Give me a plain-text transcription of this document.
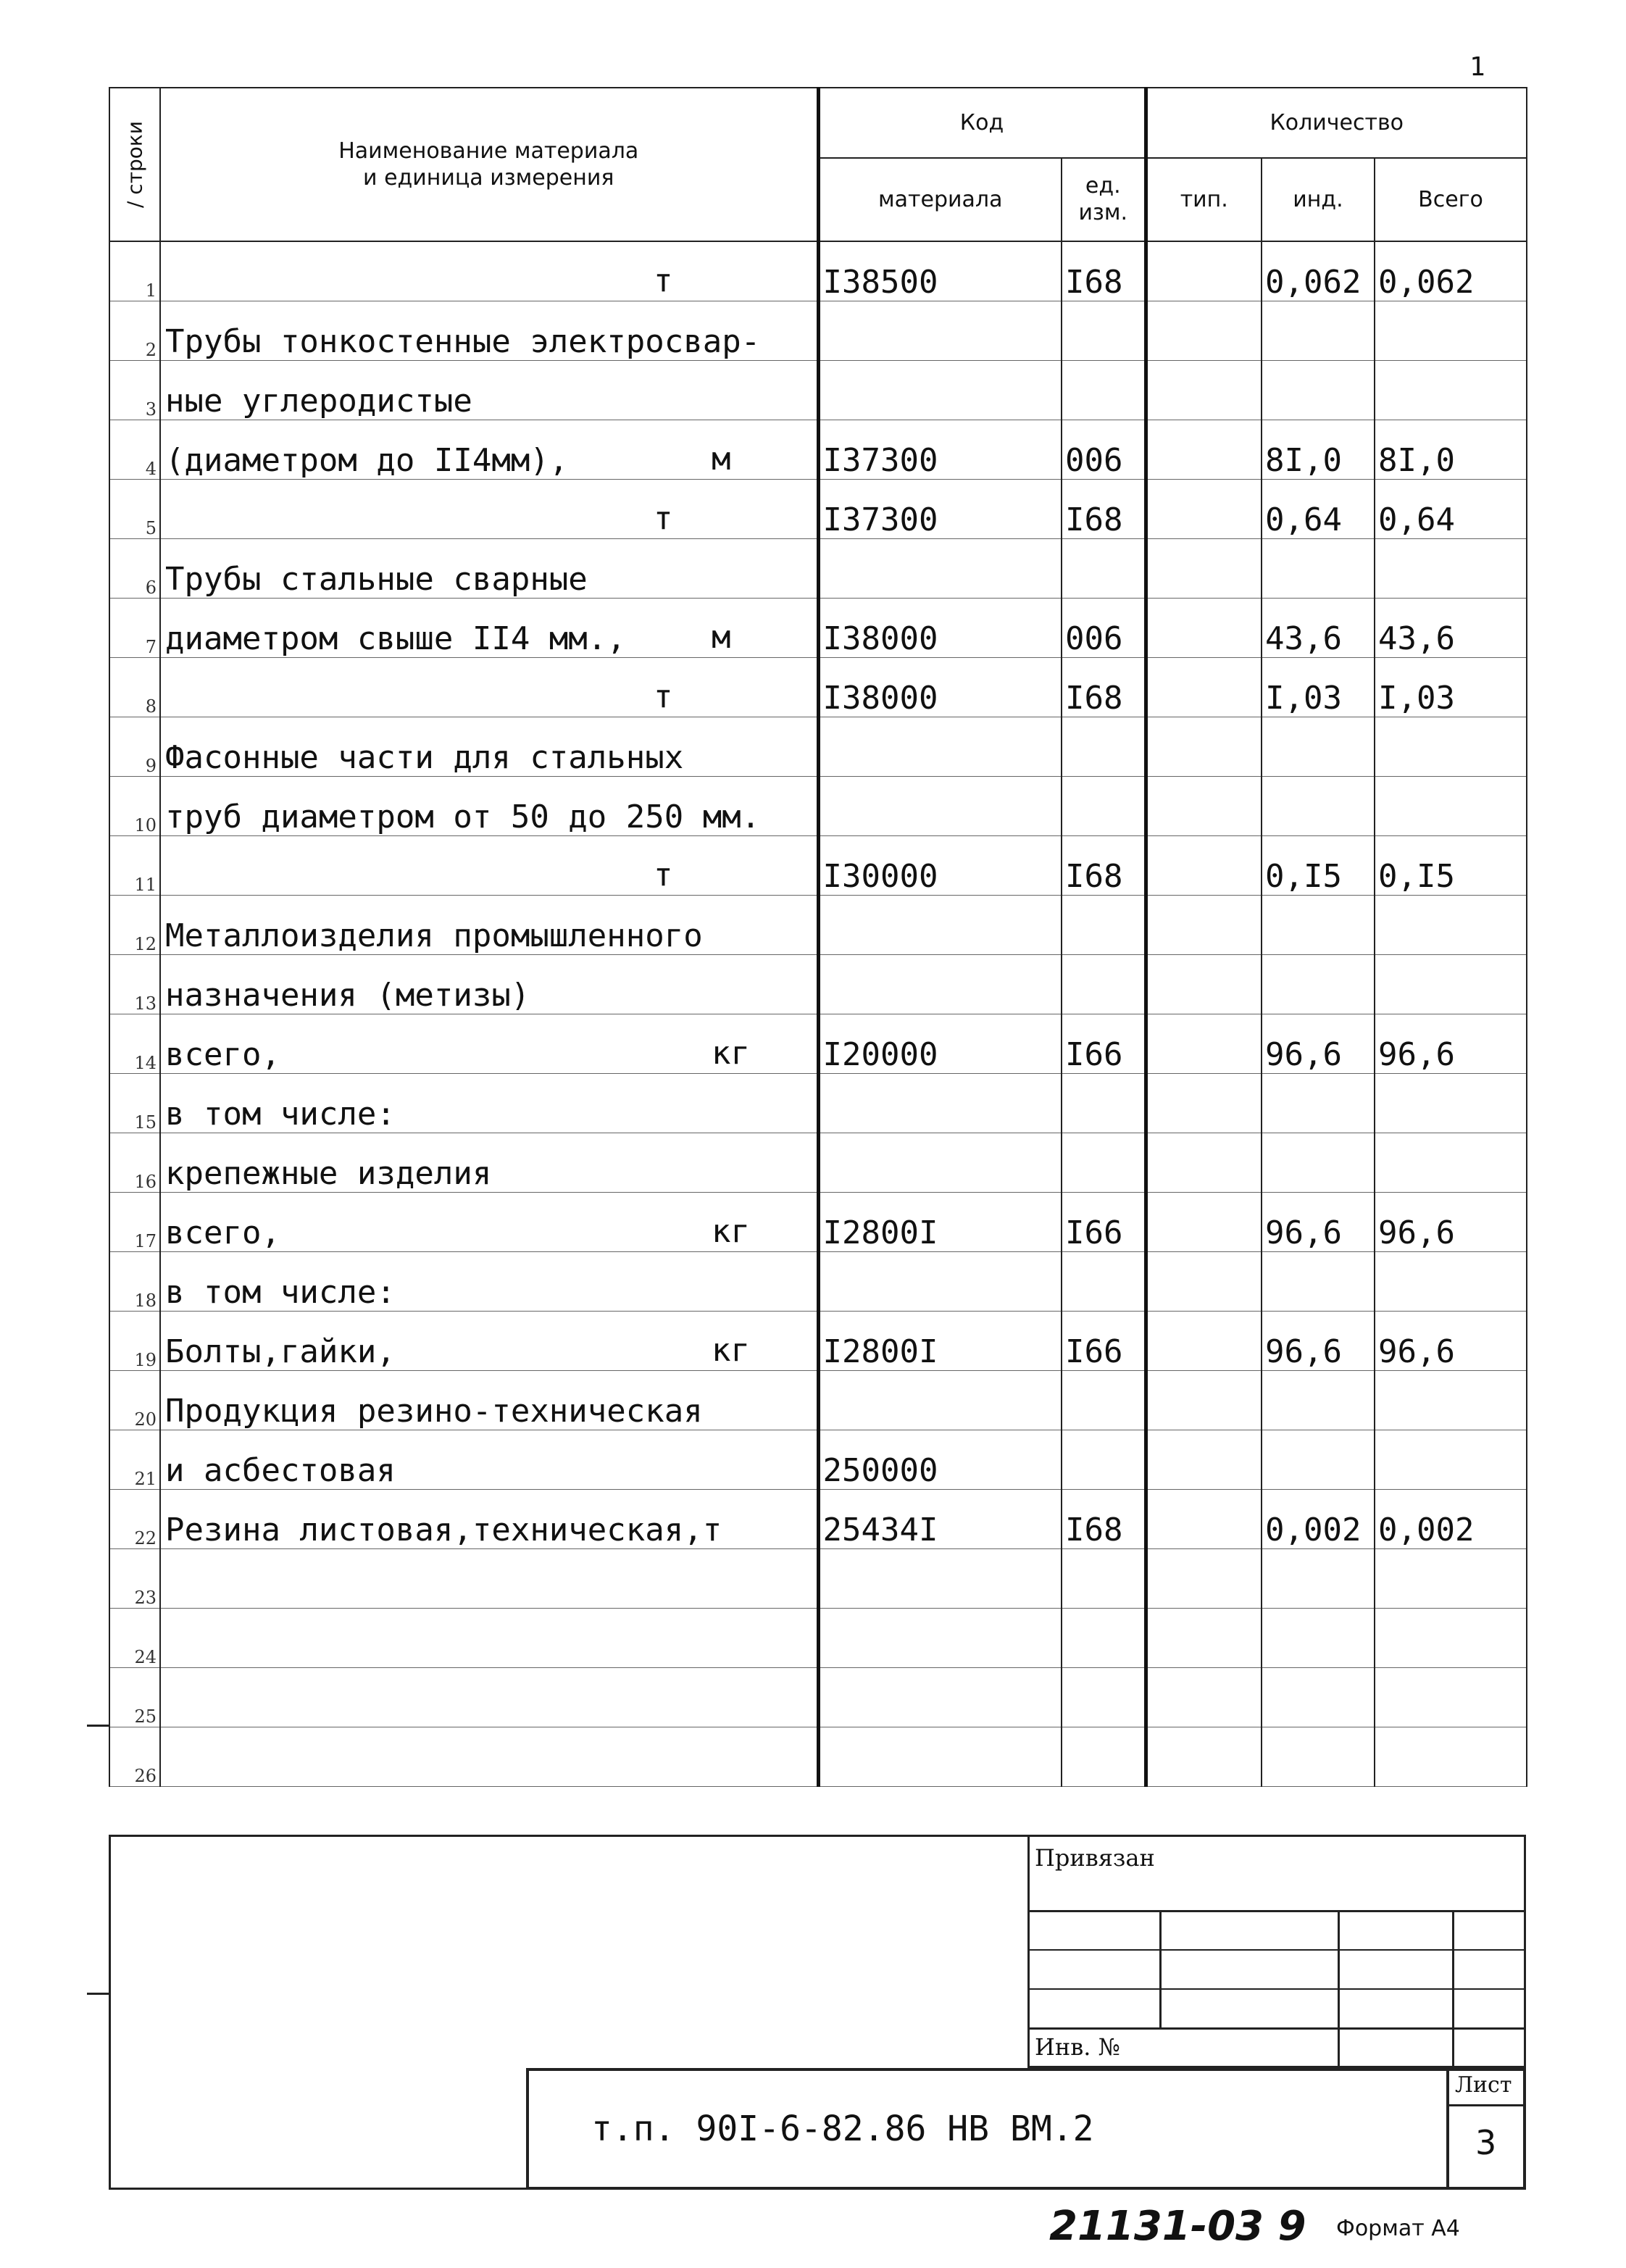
1
/ строки	Наименование материала
и единица измерения	Код		Количество		
		материала	ед. изм.	тип.	инд.	Всего
1	т	I38500	I68		0,062	0,062
2	Трубы тонкостенные электросвар-					
3	ные углеродистые					
4	(диаметром до II4мм), м	I37300	006		8I,0	8I,0
5	т	I37300	I68		0,64	0,64
6	Трубы стальные сварные					
7	диаметром свыше II4 мм., м	I38000	006		43,6	43,6
8	т	I38000	I68		I,03	I,03
9	Фасонные части для стальных					
10	труб диаметром от 50 до 250 мм.					
11	т	I30000	I68		0,I5	0,I5
12	Металлоизделия промышленного					
13	назначения (метизы)					
14	всего, кг	I20000	I66		96,6	96,6
15	в том числе:					
16	крепежные изделия					
17	всего, кг	I2800I	I66		96,6	96,6
18	в том числе:					
19	Болты,гайки, кг	I2800I	I66		96,6	96,6
20	Продукция резино-техническая					
21	и асбестовая	250000				
22	Резина листовая,техническая,т	25434I	I68		0,002	0,002
23						
24						
25						
26						
Привязан
Инв. №
т.п. 90I-6-82.86 НВ ВМ.2
Лист
3
21131-03 9 Формат А4
